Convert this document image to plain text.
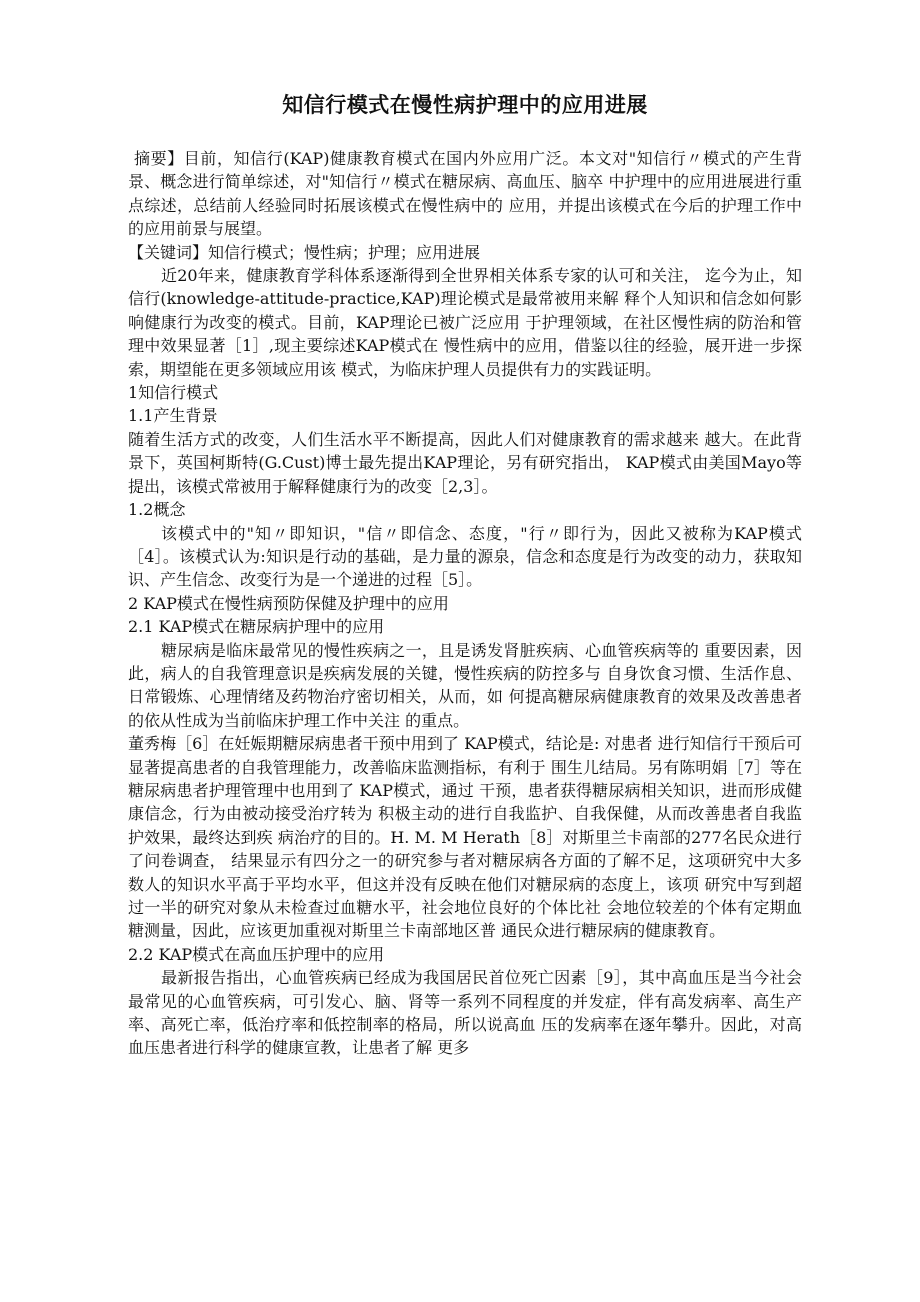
知信行模式在慢性病护理中的应用进展

摘要】目前，知信行(KAP)健康教育模式在国内外应用广泛。本文对"知信行〃模式的产生背景、概念进行简单综述，对"知信行〃模式在糖尿病、高血压、脑卒 中护理中的应用进展进行重点综述，总结前人经验同时拓展该模式在慢性病中的 应用，并提出该模式在今后的护理工作中的应用前景与展望。

【关键词】知信行模式；慢性病；护理；应用进展

近20年来，健康教育学科体系逐渐得到全世界相关体系专家的认可和关注， 迄今为止，知信行(knowledge-attitude-practice,KAP)理论模式是最常被用来解 释个人知识和信念如何影响健康行为改变的模式。目前，KAP理论已被广泛应用 于护理领域，在社区慢性病的防治和管理中效果显著［1］,现主要综述KAP模式在 慢性病中的应用，借鉴以往的经验，展开进一步探索，期望能在更多领域应用该 模式，为临床护理人员提供有力的实践证明。

1知信行模式

1.1产生背景

随着生活方式的改变，人们生活水平不断提高，因此人们对健康教育的需求越来 越大。在此背景下，英国柯斯特(G.Cust)博士最先提出KAP理论，另有研究指出， KAP模式由美国Mayo等提出，该模式常被用于解释健康行为的改变［2,3］。

1.2概念

该模式中的"知〃即知识，"信〃即信念、态度，"行〃即行为，因此又被称为KAP模式［4］。该模式认为:知识是行动的基础，是力量的源泉，信念和态度是行为改变的动力，获取知识、产生信念、改变行为是一个递进的过程［5］。

2 KAP模式在慢性病预防保健及护理中的应用

2.1 KAP模式在糖尿病护理中的应用

糖尿病是临床最常见的慢性疾病之一，且是诱发肾脏疾病、心血管疾病等的 重要因素，因此，病人的自我管理意识是疾病发展的关键，慢性疾病的防控多与 自身饮食习惯、生活作息、日常锻炼、心理情绪及药物治疗密切相关，从而，如 何提高糖尿病健康教育的效果及改善患者的依从性成为当前临床护理工作中关注 的重点。

董秀梅［6］在妊娠期糖尿病患者干预中用到了 KAP模式，结论是: 对患者 进行知信行干预后可显著提高患者的自我管理能力，改善临床监测指标，有利于 围生儿结局。另有陈明娟［7］等在糖尿病患者护理管理中也用到了 KAP模式，通过 干预，患者获得糖尿病相关知识，进而形成健康信念，行为由被动接受治疗转为 积极主动的进行自我监护、自我保健，从而改善患者自我监护效果，最终达到疾 病治疗的目的。H. M. M Herath［8］对斯里兰卡南部的277名民众进行了问卷调查， 结果显示有四分之一的研究参与者对糖尿病各方面的了解不足，这项研究中大多 数人的知识水平高于平均水平，但这并没有反映在他们对糖尿病的态度上，该项 研究中写到超过一半的研究对象从未检查过血糖水平，社会地位良好的个体比社 会地位较差的个体有定期血糖测量，因此，应该更加重视对斯里兰卡南部地区普 通民众进行糖尿病的健康教育。

2.2 KAP模式在高血压护理中的应用

最新报告指出，心血管疾病已经成为我国居民首位死亡因素［9］，其中高血压是当今社会最常见的心血管疾病，可引发心、脑、肾等一系列不同程度的并发症，伴有高发病率、高生产率、高死亡率，低治疗率和低控制率的格局，所以说高血 压的发病率在逐年攀升。因此，对高血压患者进行科学的健康宣教，让患者了解 更多
